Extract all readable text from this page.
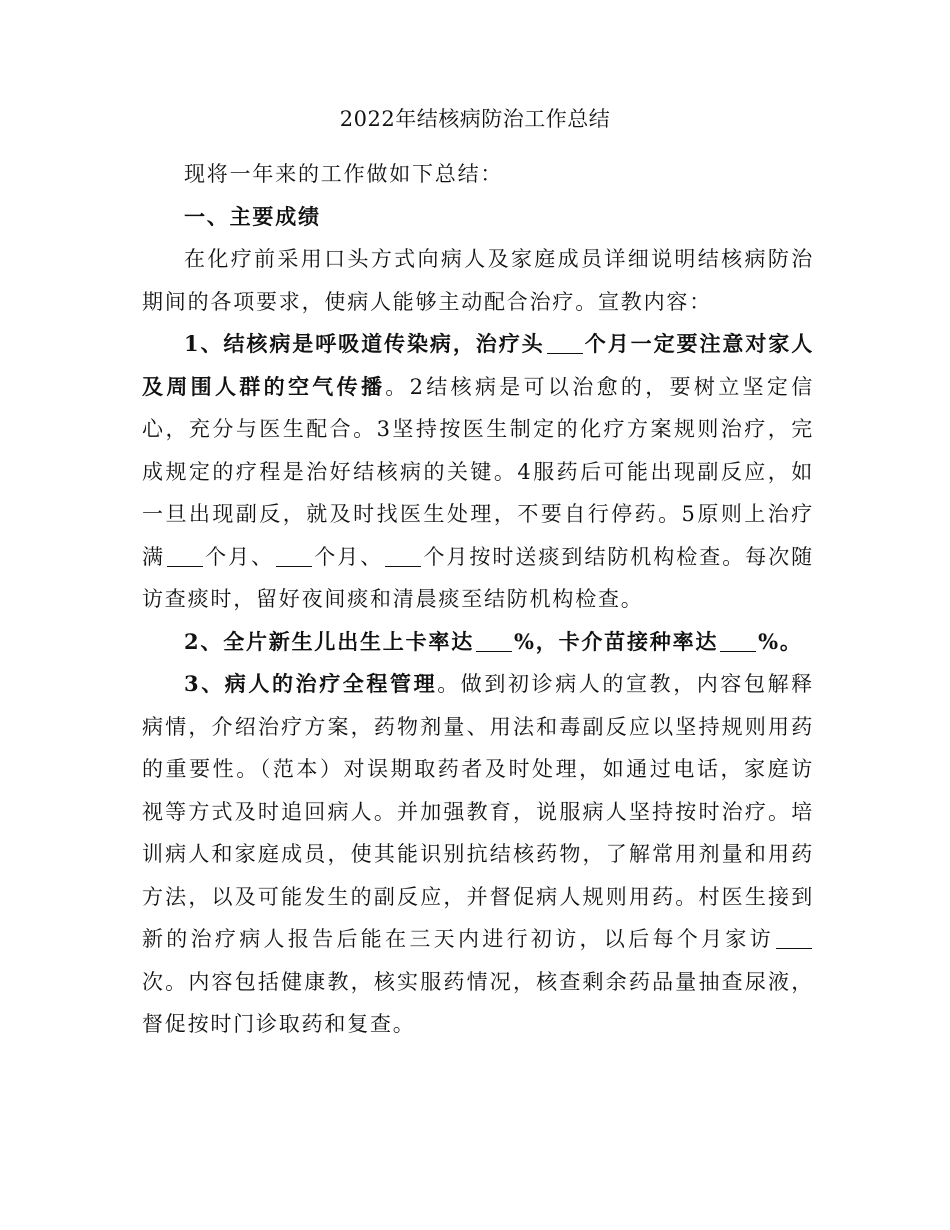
2022年结核病防治工作总结

现将一年来的工作做如下总结：

一、主要成绩

在化疗前采用口头方式向病人及家庭成员详细说明结核病防治期间的各项要求，使病人能够主动配合治疗。宣教内容：

1、结核病是呼吸道传染病，治疗头 个月一定要注意对家人及周围人群的空气传播。2结核病是可以治愈的，要树立坚定信心，充分与医生配合。3坚持按医生制定的化疗方案规则治疗，完成规定的疗程是治好结核病的关键。4服药后可能出现副反应，如一旦出现副反，就及时找医生处理，不要自行停药。5原则上治疗满 个月、 个月、 个月按时送痰到结防机构检查。每次随访查痰时，留好夜间痰和清晨痰至结防机构检查。

2、全片新生儿出生上卡率达 %，卡介苗接种率达 %。

3、病人的治疗全程管理。做到初诊病人的宣教，内容包解释病情，介绍治疗方案，药物剂量、用法和毒副反应以坚持规则用药的重要性。（范本）对误期取药者及时处理，如通过电话，家庭访视等方式及时追回病人。并加强教育，说服病人坚持按时治疗。培训病人和家庭成员，使其能识别抗结核药物，了解常用剂量和用药方法，以及可能发生的副反应，并督促病人规则用药。村医生接到新的治疗病人报告后能在三天内进行初访，以后每个月家访次。内容包括健康教，核实服药情况，核查剩余药品量抽查尿液，督促按时门诊取药和复查。
